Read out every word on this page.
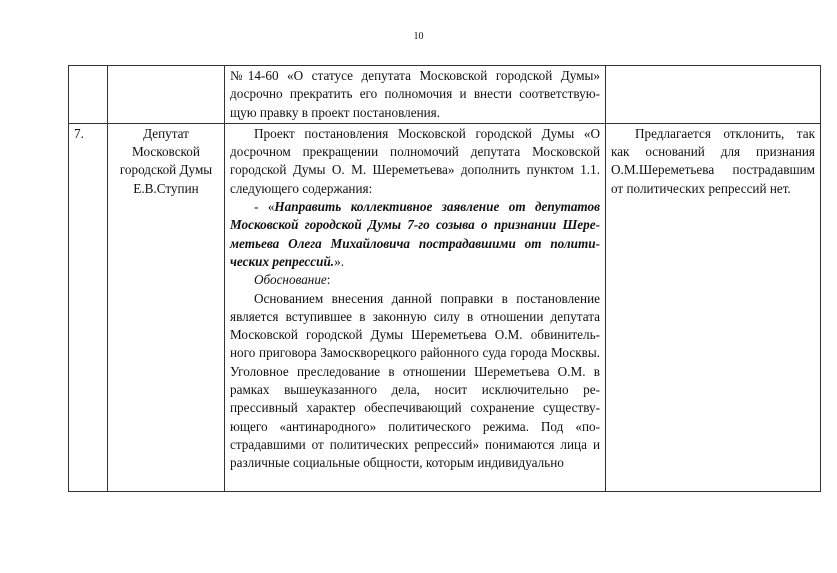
10

		№14-60 «О статусе депутата Московской городской Думы» досрочно прекратить его полномочия и внести соответствую-щую правку в проект постановления.	

7.	Депутат Московской городской Думы Е.В.Ступин	Проект постановления Московской городской Думы «О досрочном прекращении полномочий депутата Московской городской Думы О. М. Шереметьева» дополнить пунктом 1.1. следующего содержания:

- «Направить коллективное заявление от депутатов Московской городской Думы 7-го созыва о признании Шере-метьева Олега Михайловича пострадавшими от полити-ческих репрессий.».

Обоснование:

Основанием внесения данной поправки в постановление является вступившее в законную силу в отношении депутата Московской городской Думы Шереметьева О.М. обвинитель-ного приговора Замоскворецкого районного суда города Москвы. Уголовное преследование в отношении Шереметьева О.М. в рамках вышеуказанного дела, носит исключительно ре-прессивный характер обеспечивающий сохранение существу-ющего «антинародного» политического режима. Под «по-страдавшими от политических репрессий» понимаются лица и различные социальные общности, которым индивидуально	Предлагается отклонить, так как оснований для признания О.М.Шереметьева пострадавшим от политических репрессий нет.
